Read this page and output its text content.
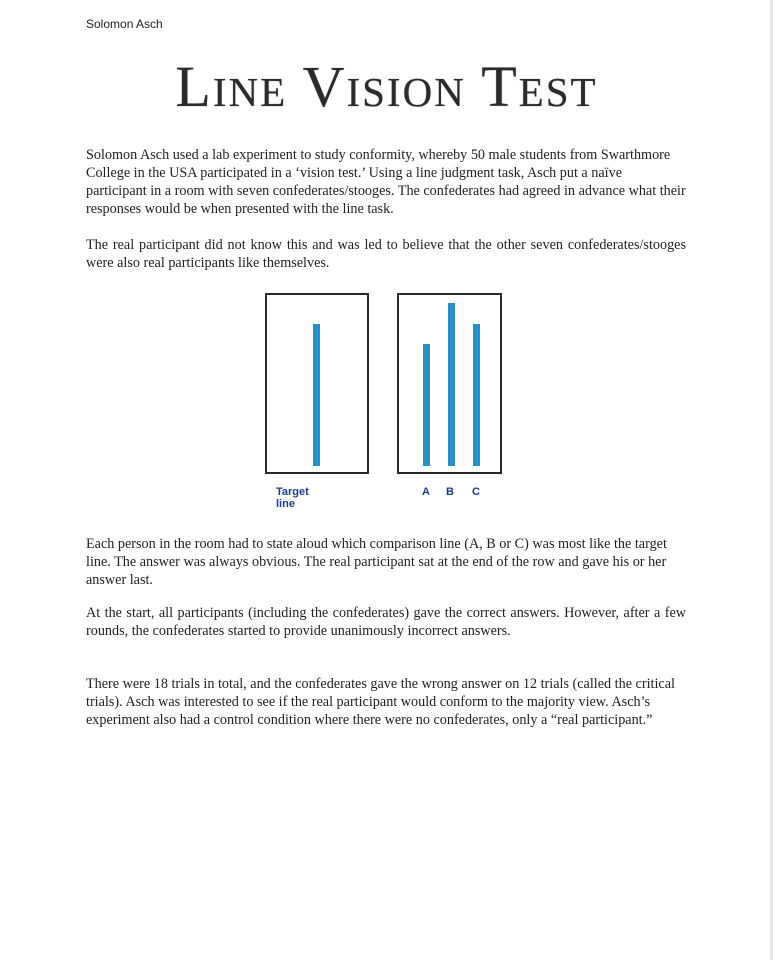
Solomon Asch
Line Vision Test

Solomon Asch used a lab experiment to study conformity, whereby 50 male students from Swarthmore College in the USA participated in a ‘vision test.’ Using a line judgment task, Asch put a naïve participant in a room with seven confederates/stooges. The confederates had agreed in advance what their responses would be when presented with the line task.

The real participant did not know this and was led to believe that the other seven confederates/stooges were also real participants like themselves.

Target line
A B C

Each person in the room had to state aloud which comparison line (A, B or C) was most like the target line. The answer was always obvious. The real participant sat at the end of the row and gave his or her answer last.

At the start, all participants (including the confederates) gave the correct answers. However, after a few rounds, the confederates started to provide unanimously incorrect answers.

There were 18 trials in total, and the confederates gave the wrong answer on 12 trials (called the critical trials). Asch was interested to see if the real participant would conform to the majority view. Asch’s experiment also had a control condition where there were no confederates, only a “real participant.”
